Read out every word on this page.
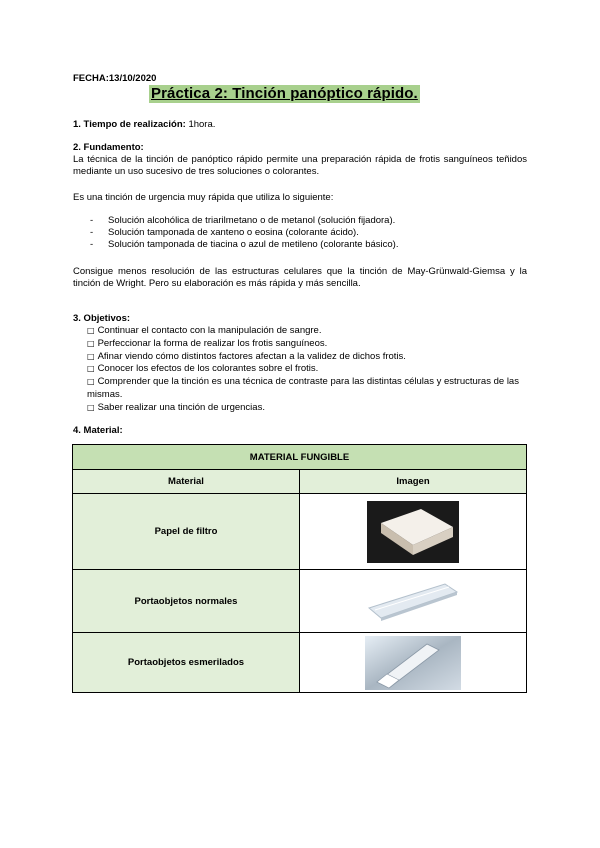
FECHA:13/10/2020
Práctica 2: Tinción panóptico rápido.
1. Tiempo de realización: 1hora.
2. Fundamento:
La técnica de la tinción de panóptico rápido permite una preparación rápida de frotis sanguíneos teñidos mediante un uso sucesivo de tres soluciones o colorantes.
Es una tinción de urgencia muy rápida que utiliza lo siguiente:
- Solución alcohólica de triarilmetano o de metanol (solución fijadora).
- Solución tamponada de xanteno o eosina (colorante ácido).
- Solución tamponada de tiacina o azul de metileno (colorante básico).
Consigue menos resolución de las estructuras celulares que la tinción de May-Grünwald-Giemsa y la tinción de Wright. Pero su elaboración es más rápida y más sencilla.
3. Objetivos:
□ Continuar el contacto con la manipulación de sangre.
□ Perfeccionar la forma de realizar los frotis sanguíneos.
□ Afinar viendo cómo distintos factores afectan a la validez de dichos frotis.
□ Conocer los efectos de los colorantes sobre el frotis.
□ Comprender que la tinción es una técnica de contraste para las distintas células y estructuras de las mismas.
□ Saber realizar una tinción de urgencias.
4. Material:
MATERIAL FUNGIBLE	
Material	Imagen
Papel de filtro	

Portaobjetos normales	

Portaobjetos esmerilados	
